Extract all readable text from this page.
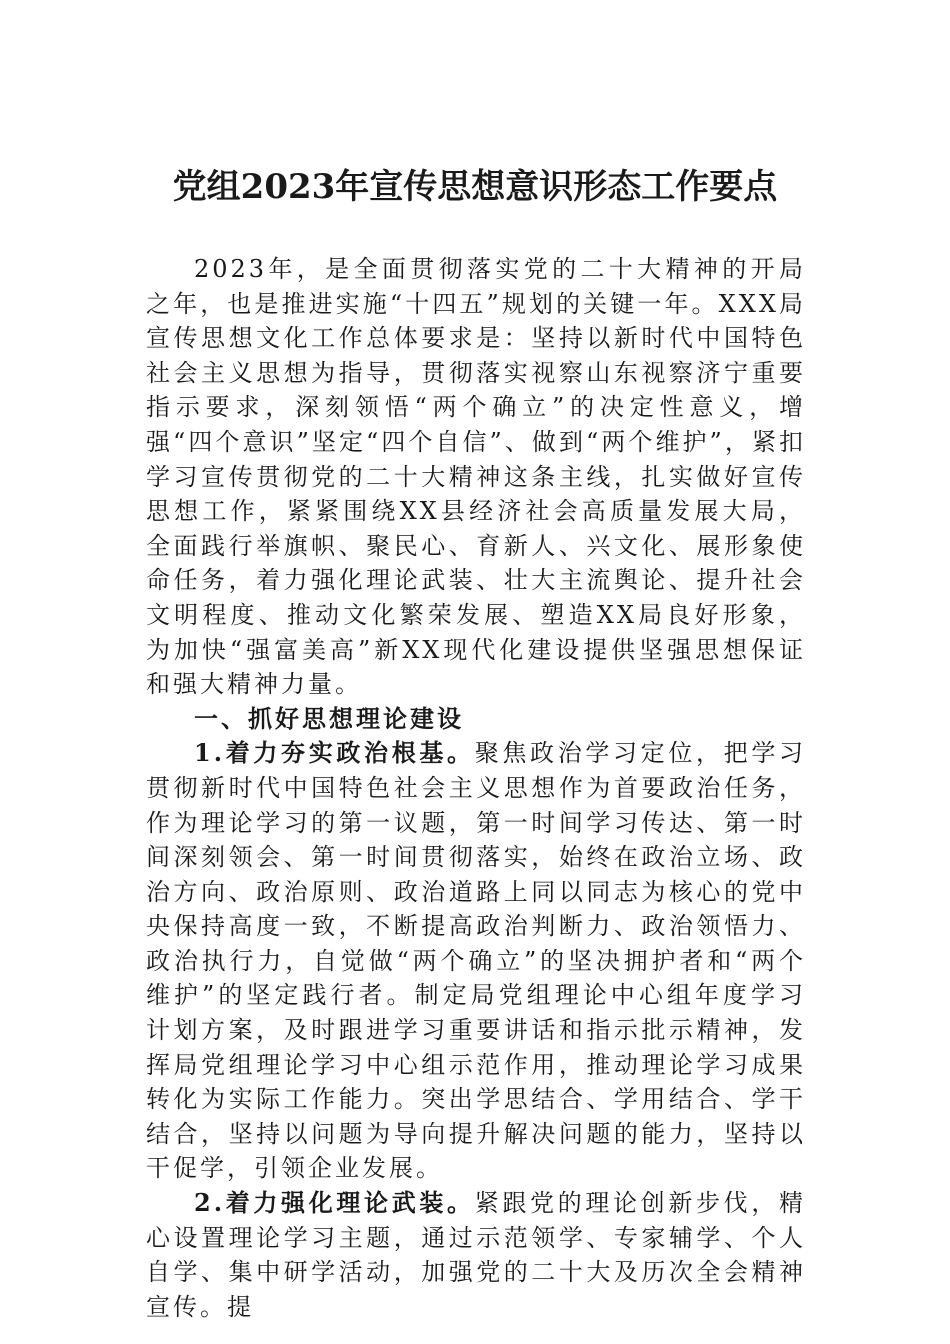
党组2023年宣传思想意识形态工作要点

2023年，是全面贯彻落实党的二十大精神的开局之年，也是推进实施“十四五”规划的关键一年。XXX局宣传思想文化工作总体要求是：坚持以新时代中国特色社会主义思想为指导，贯彻落实视察山东视察济宁重要指示要求，深刻领悟“两个确立”的决定性意义，增强“四个意识”坚定“四个自信”、做到“两个维护”，紧扣学习宣传贯彻党的二十大精神这条主线，扎实做好宣传思想工作，紧紧围绕XX县经济社会高质量发展大局，全面践行举旗帜、聚民心、育新人、兴文化、展形象使命任务，着力强化理论武装、壮大主流舆论、提升社会文明程度、推动文化繁荣发展、塑造XX局良好形象，为加快“强富美高”新XX现代化建设提供坚强思想保证和强大精神力量。

一、抓好思想理论建设

1.着力夯实政治根基。聚焦政治学习定位，把学习贯彻新时代中国特色社会主义思想作为首要政治任务，作为理论学习的第一议题，第一时间学习传达、第一时间深刻领会、第一时间贯彻落实，始终在政治立场、政治方向、政治原则、政治道路上同以同志为核心的党中央保持高度一致，不断提高政治判断力、政治领悟力、政治执行力，自觉做“两个确立”的坚决拥护者和“两个维护”的坚定践行者。制定局党组理论中心组年度学习计划方案，及时跟进学习重要讲话和指示批示精神，发挥局党组理论学习中心组示范作用，推动理论学习成果转化为实际工作能力。突出学思结合、学用结合、学干结合，坚持以问题为导向提升解决问题的能力，坚持以干促学，引领企业发展。

2.着力强化理论武装。紧跟党的理论创新步伐，精心设置理论学习主题，通过示范领学、专家辅学、个人自学、集中研学活动，加强党的二十大及历次全会精神宣传。提
